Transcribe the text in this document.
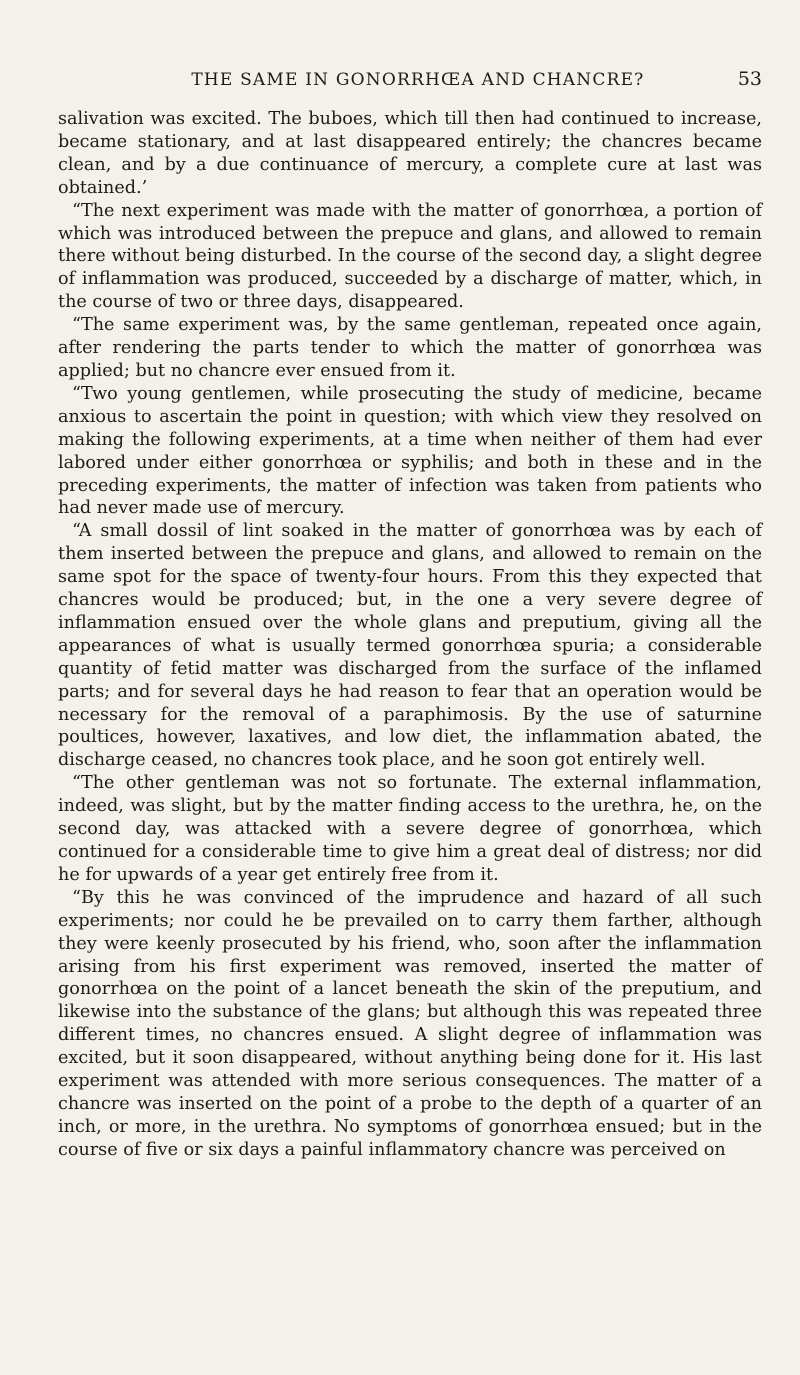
THE SAME IN GONORRHŒA AND CHANCRE?	53

salivation was excited. The buboes, which till then had continued to increase, became stationary, and at last disappeared entirely; the chancres became clean, and by a due continuance of mercury, a complete cure at last was obtained.’

“The next experiment was made with the matter of gonorrhœa, a portion of which was introduced between the prepuce and glans, and allowed to remain there without being disturbed. In the course of the second day, a slight degree of inflammation was produced, succeeded by a discharge of matter, which, in the course of two or three days, disappeared.

“The same experiment was, by the same gentleman, repeated once again, after rendering the parts tender to which the matter of gonorrhœa was applied; but no chancre ever ensued from it.

“Two young gentlemen, while prosecuting the study of medicine, became anxious to ascertain the point in question; with which view they resolved on making the following experiments, at a time when neither of them had ever labored under either gonorrhœa or syphilis; and both in these and in the preceding experiments, the matter of infection was taken from patients who had never made use of mercury.

“A small dossil of lint soaked in the matter of gonorrhœa was by each of them inserted between the prepuce and glans, and allowed to remain on the same spot for the space of twenty-four hours. From this they expected that chancres would be produced; but, in the one a very severe degree of inflammation ensued over the whole glans and preputium, giving all the appearances of what is usually termed gonorrhœa spuria; a considerable quantity of fetid matter was discharged from the surface of the inflamed parts; and for several days he had reason to fear that an operation would be necessary for the removal of a paraphimosis. By the use of saturnine poultices, however, laxatives, and low diet, the inflammation abated, the discharge ceased, no chancres took place, and he soon got entirely well.

“The other gentleman was not so fortunate. The external inflammation, indeed, was slight, but by the matter finding access to the urethra, he, on the second day, was attacked with a severe degree of gonorrhœa, which continued for a considerable time to give him a great deal of distress; nor did he for upwards of a year get entirely free from it.

“By this he was convinced of the imprudence and hazard of all such experiments; nor could he be prevailed on to carry them farther, although they were keenly prosecuted by his friend, who, soon after the inflammation arising from his first experiment was removed, inserted the matter of gonorrhœa on the point of a lancet beneath the skin of the preputium, and likewise into the substance of the glans; but although this was repeated three different times, no chancres ensued. A slight degree of inflammation was excited, but it soon disappeared, without anything being done for it. His last experiment was attended with more serious consequences. The matter of a chancre was inserted on the point of a probe to the depth of a quarter of an inch, or more, in the urethra. No symptoms of gonorrhœa ensued; but in the course of five or six days a painful inflammatory chancre was perceived on
